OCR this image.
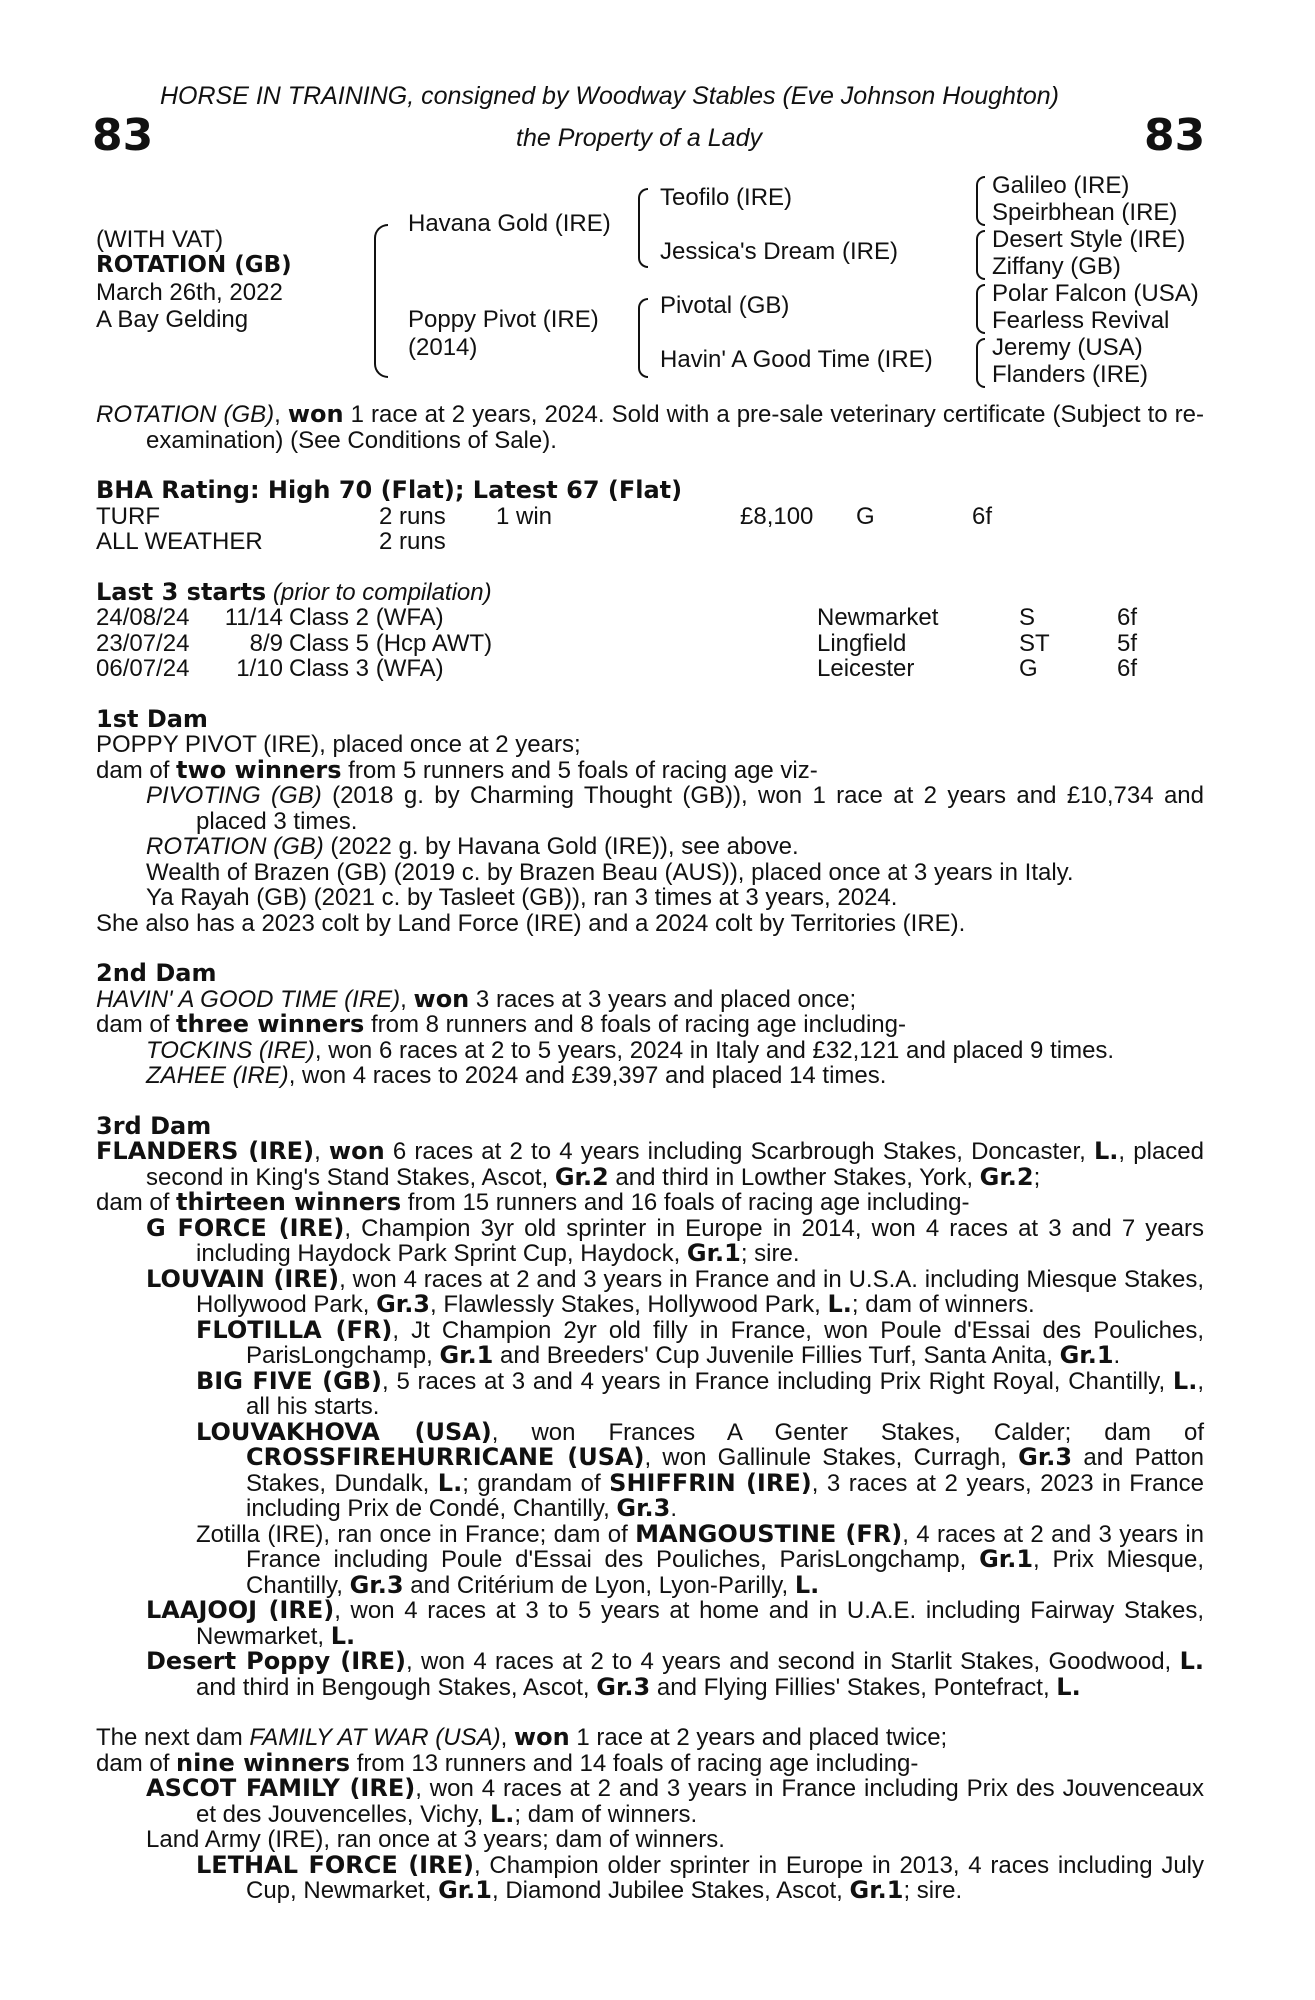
HORSE IN TRAINING, consigned by Woodway Stables (Eve Johnson Houghton)
83	the Property of a Lady	83
(WITH VAT)
ROTATION (GB)
March 26th, 2022
A Bay Gelding
Havana Gold (IRE)
Poppy Pivot (IRE)
(2014)
Teofilo (IRE)
Jessica's Dream (IRE)
Pivotal (GB)
Havin' A Good Time (IRE)
Galileo (IRE)
Speirbhean (IRE)
Desert Style (IRE)
Ziffany (GB)
Polar Falcon (USA)
Fearless Revival
Jeremy (USA)
Flanders (IRE)

ROTATION (GB), won 1 race at 2 years, 2024. Sold with a pre-sale veterinary certificate (Subject to re-examination) (See Conditions of Sale).

BHA Rating: High 70 (Flat); Latest 67 (Flat)

TURF	2 runs 1 win	£8,100 G	6f
ALL WEATHER	2 runs

Last 3 starts (prior to compilation)

24/08/24	11/14 Class 2 (WFA)	Newmarket	S	6f
23/07/24	8/9 Class 5 (Hcp AWT)	Lingfield	ST	5f
06/07/24	1/10 Class 3 (WFA)	Leicester	G	6f

1st Dam

POPPY PIVOT (IRE), placed once at 2 years;

dam of two winners from 5 runners and 5 foals of racing age viz-

PIVOTING (GB) (2018 g. by Charming Thought (GB)), won 1 race at 2 years and £10,734 and placed 3 times.

ROTATION (GB) (2022 g. by Havana Gold (IRE)), see above.

Wealth of Brazen (GB) (2019 c. by Brazen Beau (AUS)), placed once at 3 years in Italy.

Ya Rayah (GB) (2021 c. by Tasleet (GB)), ran 3 times at 3 years, 2024.

She also has a 2023 colt by Land Force (IRE) and a 2024 colt by Territories (IRE).

2nd Dam

HAVIN' A GOOD TIME (IRE), won 3 races at 3 years and placed once;

dam of three winners from 8 runners and 8 foals of racing age including-

TOCKINS (IRE), won 6 races at 2 to 5 years, 2024 in Italy and £32,121 and placed 9 times.

ZAHEE (IRE), won 4 races to 2024 and £39,397 and placed 14 times.

3rd Dam

FLANDERS (IRE), won 6 races at 2 to 4 years including Scarbrough Stakes, Doncaster, L., placed second in King's Stand Stakes, Ascot, Gr.2 and third in Lowther Stakes, York, Gr.2;

dam of thirteen winners from 15 runners and 16 foals of racing age including-

G FORCE (IRE), Champion 3yr old sprinter in Europe in 2014, won 4 races at 3 and 7 years including Haydock Park Sprint Cup, Haydock, Gr.1; sire.

LOUVAIN (IRE), won 4 races at 2 and 3 years in France and in U.S.A. including Miesque Stakes, Hollywood Park, Gr.3, Flawlessly Stakes, Hollywood Park, L.; dam of winners.

FLOTILLA (FR), Jt Champion 2yr old filly in France, won Poule d'Essai des Pouliches, ParisLongchamp, Gr.1 and Breeders' Cup Juvenile Fillies Turf, Santa Anita, Gr.1.

BIG FIVE (GB), 5 races at 3 and 4 years in France including Prix Right Royal, Chantilly, L., all his starts.

LOUVAKHOVA (USA), won Frances A Genter Stakes, Calder; dam of CROSSFIREHURRICANE (USA), won Gallinule Stakes, Curragh, Gr.3 and Patton Stakes, Dundalk, L.; grandam of SHIFFRIN (IRE), 3 races at 2 years, 2023 in France including Prix de Condé, Chantilly, Gr.3.

Zotilla (IRE), ran once in France; dam of MANGOUSTINE (FR), 4 races at 2 and 3 years in France including Poule d'Essai des Pouliches, ParisLongchamp, Gr.1, Prix Miesque, Chantilly, Gr.3 and Critérium de Lyon, Lyon-Parilly, L.

LAAJOOJ (IRE), won 4 races at 3 to 5 years at home and in U.A.E. including Fairway Stakes, Newmarket, L.

Desert Poppy (IRE), won 4 races at 2 to 4 years and second in Starlit Stakes, Goodwood, L. and third in Bengough Stakes, Ascot, Gr.3 and Flying Fillies' Stakes, Pontefract, L.

The next dam FAMILY AT WAR (USA), won 1 race at 2 years and placed twice;

dam of nine winners from 13 runners and 14 foals of racing age including-

ASCOT FAMILY (IRE), won 4 races at 2 and 3 years in France including Prix des Jouvenceaux et des Jouvencelles, Vichy, L.; dam of winners.

Land Army (IRE), ran once at 3 years; dam of winners.

LETHAL FORCE (IRE), Champion older sprinter in Europe in 2013, 4 races including July Cup, Newmarket, Gr.1, Diamond Jubilee Stakes, Ascot, Gr.1; sire.
